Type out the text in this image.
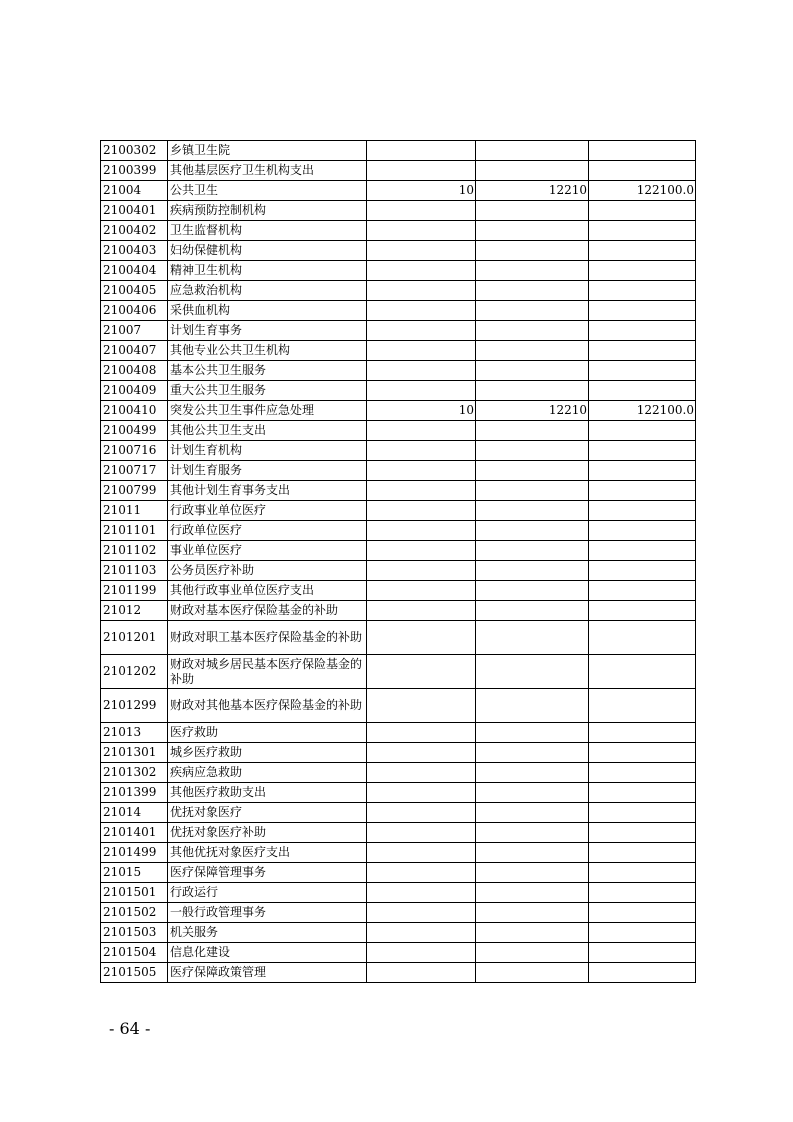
2100302	乡镇卫生院			
2100399	其他基层医疗卫生机构支出			
21004	公共卫生	10	12210	122100.0
2100401	疾病预防控制机构			
2100402	卫生监督机构			
2100403	妇幼保健机构			
2100404	精神卫生机构			
2100405	应急救治机构			
2100406	采供血机构			
21007	计划生育事务			
2100407	其他专业公共卫生机构			
2100408	基本公共卫生服务			
2100409	重大公共卫生服务			
2100410	突发公共卫生事件应急处理	10	12210	122100.0
2100499	其他公共卫生支出			
2100716	计划生育机构			
2100717	计划生育服务			
2100799	其他计划生育事务支出			
21011	行政事业单位医疗			
2101101	行政单位医疗			
2101102	事业单位医疗			
2101103	公务员医疗补助			
2101199	其他行政事业单位医疗支出			
21012	财政对基本医疗保险基金的补助			
2101201	财政对职工基本医疗保险基金的补助			
2101202	财政对城乡居民基本医疗保险基金的补助			
2101299	财政对其他基本医疗保险基金的补助			
21013	医疗救助			
2101301	城乡医疗救助			
2101302	疾病应急救助			
2101399	其他医疗救助支出			
21014	优抚对象医疗			
2101401	优抚对象医疗补助			
2101499	其他优抚对象医疗支出			
21015	医疗保障管理事务			
2101501	行政运行			
2101502	一般行政管理事务			
2101503	机关服务			
2101504	信息化建设			
2101505	医疗保障政策管理			
- 64 -
